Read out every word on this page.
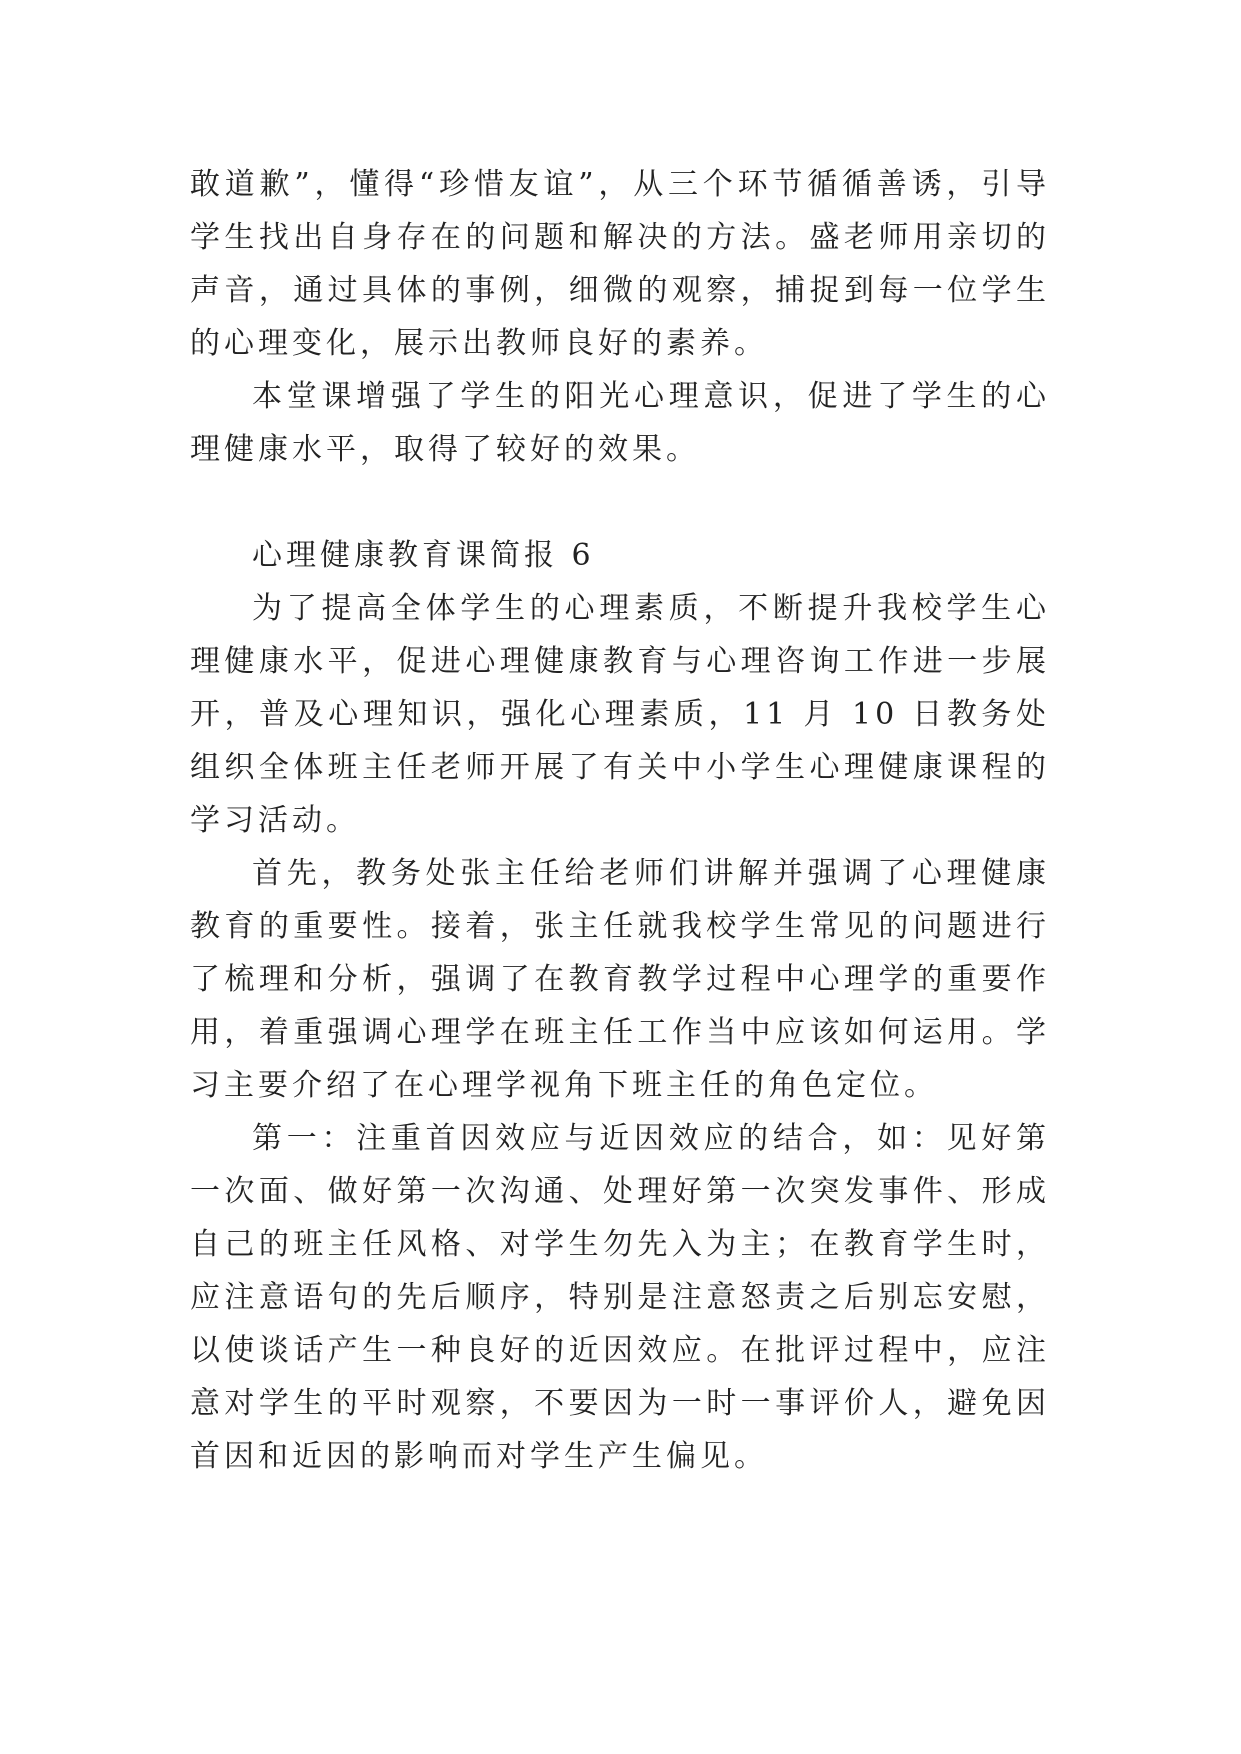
敢道歉”，懂得“珍惜友谊”，从三个环节循循善诱，引导学生找出自身存在的问题和解决的方法。盛老师用亲切的声音，通过具体的事例，细微的观察，捕捉到每一位学生的心理变化，展示出教师良好的素养。

本堂课增强了学生的阳光心理意识，促进了学生的心理健康水平，取得了较好的效果。

心理健康教育课简报 6

为了提高全体学生的心理素质，不断提升我校学生心理健康水平，促进心理健康教育与心理咨询工作进一步展开，普及心理知识，强化心理素质，11 月 10 日教务处组织全体班主任老师开展了有关中小学生心理健康课程的学习活动。

首先，教务处张主任给老师们讲解并强调了心理健康教育的重要性。接着，张主任就我校学生常见的问题进行了梳理和分析，强调了在教育教学过程中心理学的重要作用，着重强调心理学在班主任工作当中应该如何运用。学习主要介绍了在心理学视角下班主任的角色定位。

第一：注重首因效应与近因效应的结合，如：见好第一次面、做好第一次沟通、处理好第一次突发事件、形成自己的班主任风格、对学生勿先入为主；在教育学生时，应注意语句的先后顺序，特别是注意怒责之后别忘安慰，以使谈话产生一种良好的近因效应。在批评过程中，应注意对学生的平时观察，不要因为一时一事评价人，避免因首因和近因的影响而对学生产生偏见。
